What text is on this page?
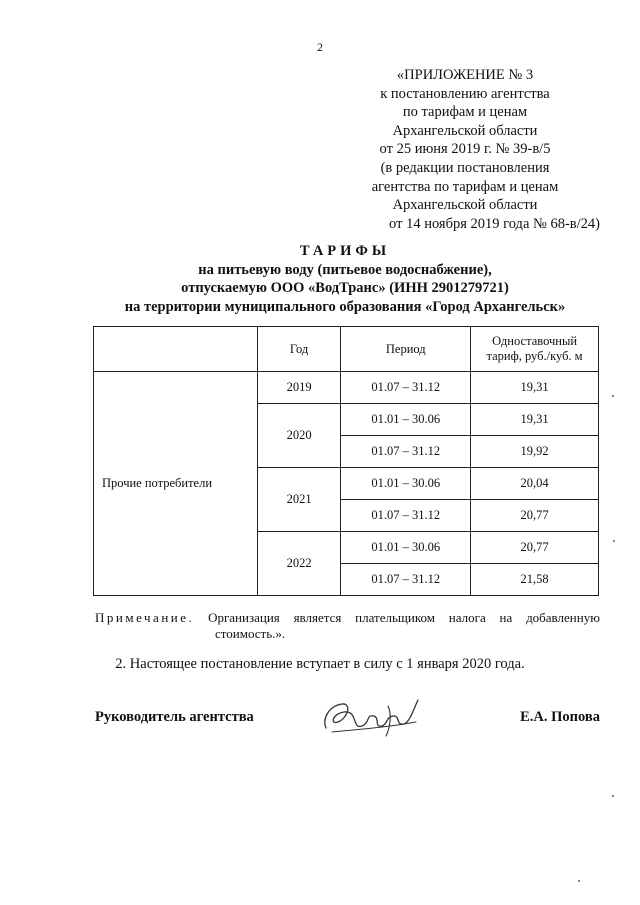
2
«ПРИЛОЖЕНИЕ № 3
к постановлению агентства
по тарифам и ценам
Архангельской области
от 25 июня 2019 г. № 39-в/5
(в редакции постановления
агентства по тарифам и ценам
Архангельской области
от 14 ноября 2019 года № 68-в/24)
ТАРИФЫ
на питьевую воду (питьевое водоснабжение),
отпускаемую ООО «ВодТранс» (ИНН 2901279721)
на территории муниципального образования «Город Архангельск»
	Год	Период	Одноставочный
тариф, руб./куб. м

Прочие потребители	2019	01.07 – 31.12	19,31
	2020	01.01 – 30.06	19,31
		01.07 – 31.12	19,92
	2021	01.01 – 30.06	20,04
		01.07 – 31.12	20,77
	2022	01.01 – 30.06	20,77
		01.07 – 31.12	21,58
Примечание. Организация является плательщиком налога на добавленную
стоимость.».
2. Настоящее постановление вступает в силу с 1 января 2020 года.
Руководитель агентства	Е.А. Попова
